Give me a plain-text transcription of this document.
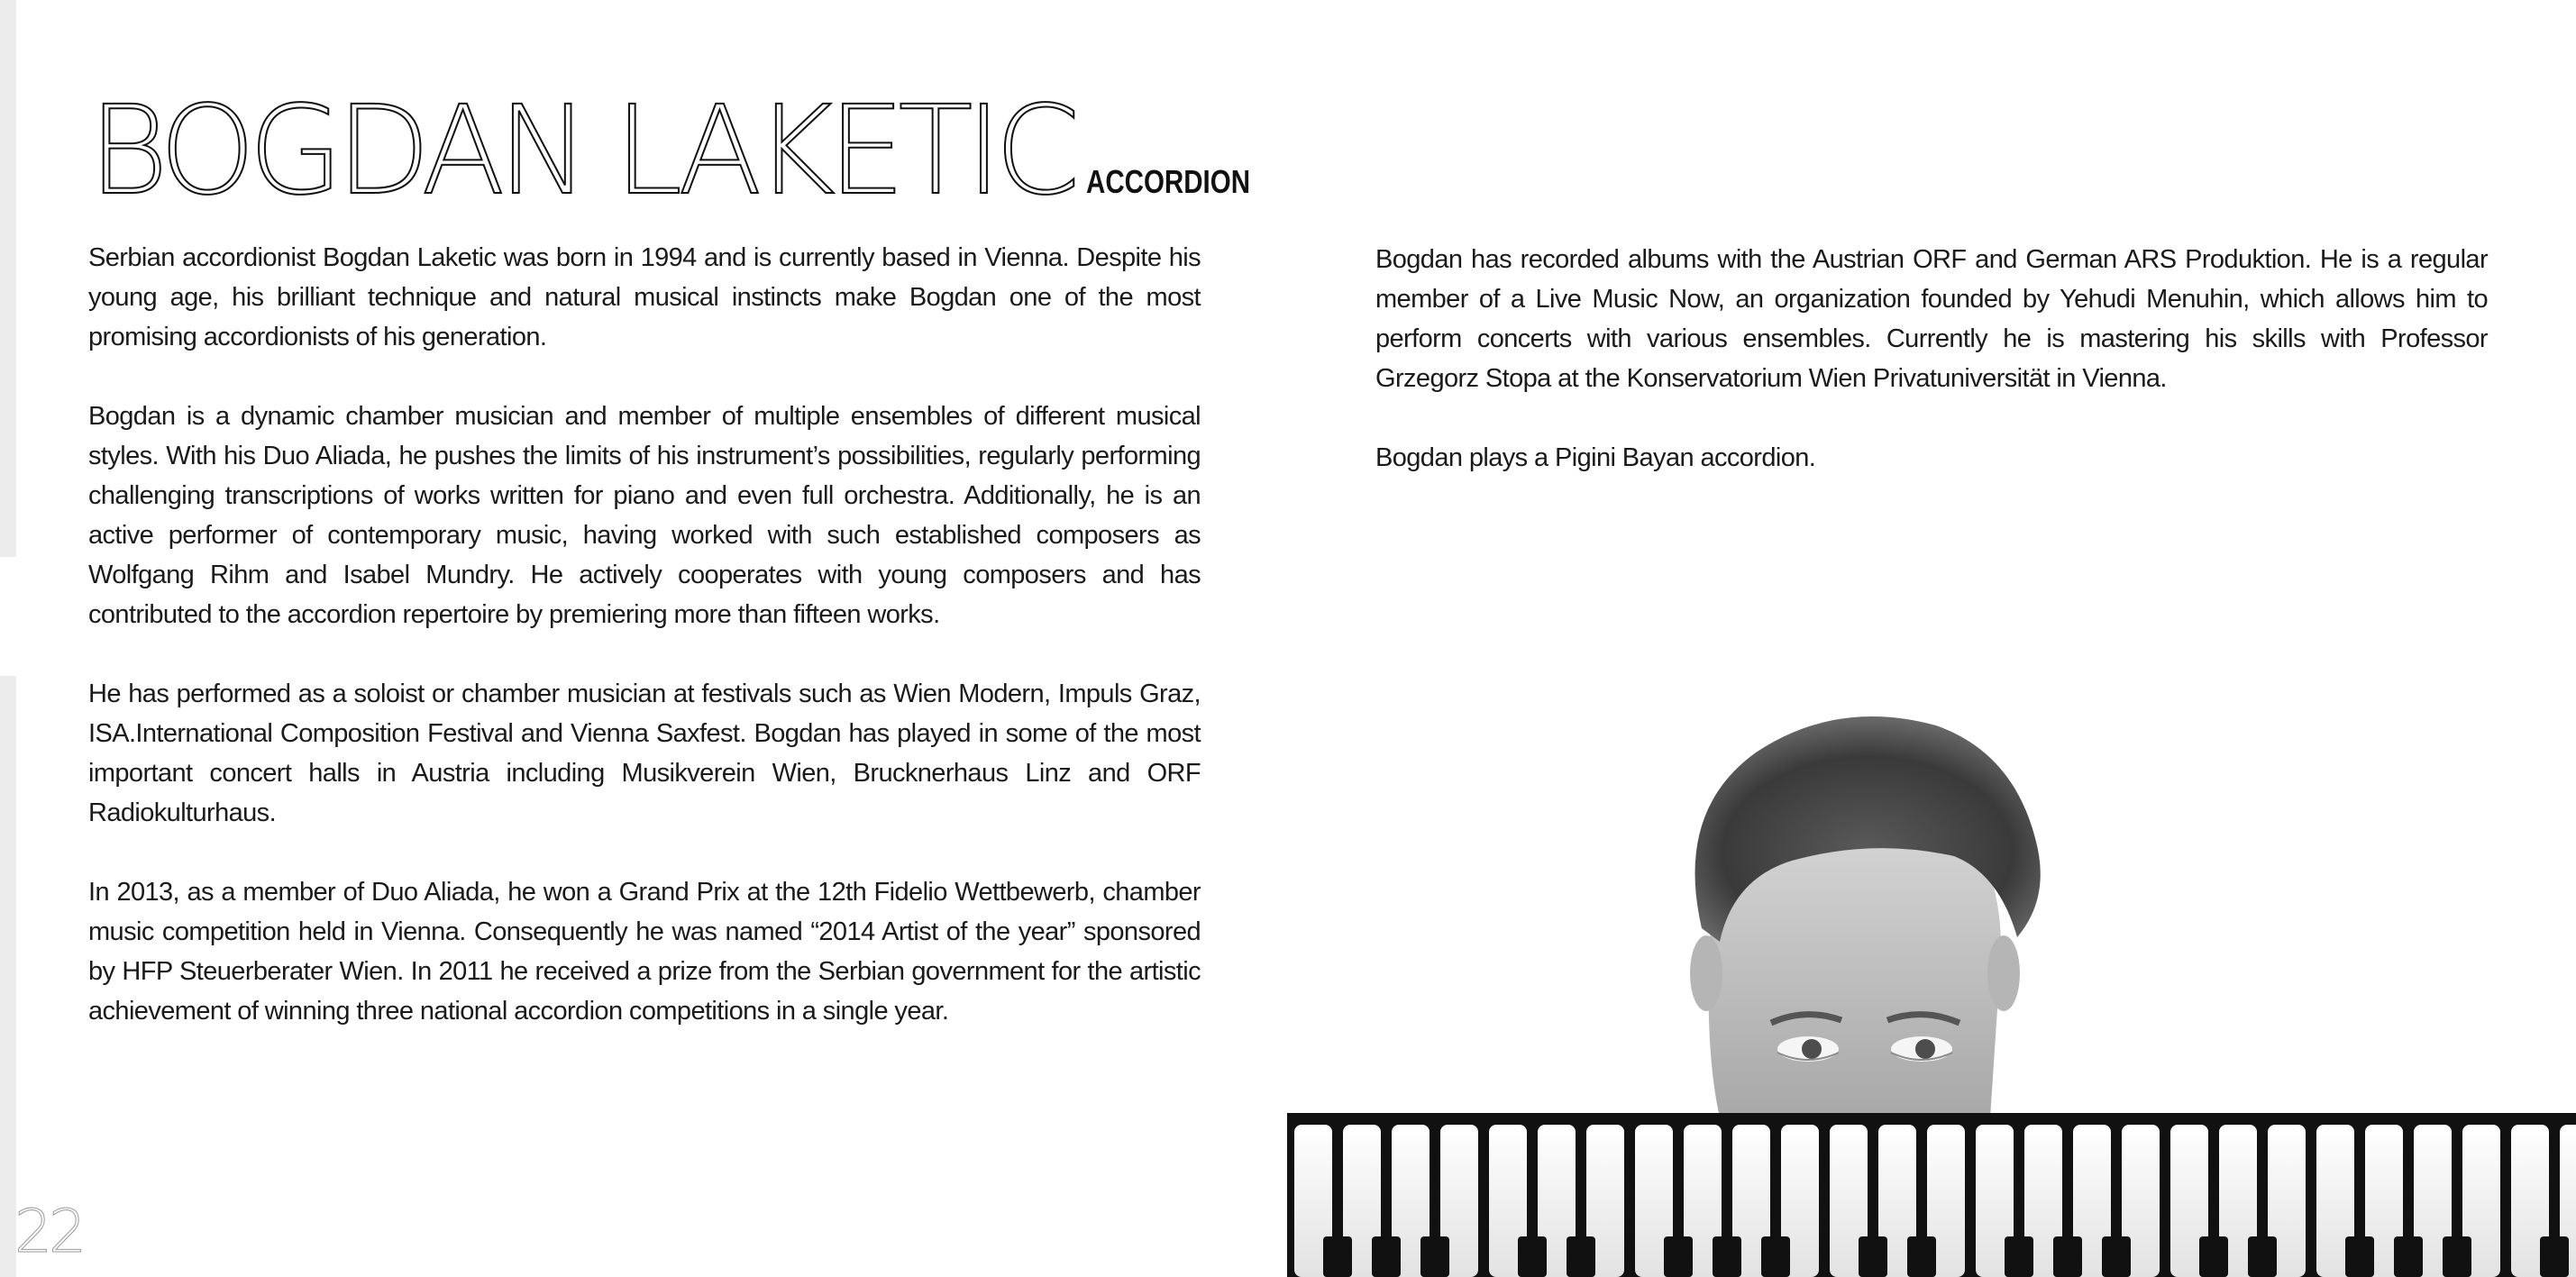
BOGDAN LAKETIC ACCORDION

Serbian accordionist Bogdan Laketic was born in 1994 and is currently based in Vienna. Despite his young age, his brilliant technique and natural musical instincts make Bogdan one of the most promising accordionists of his generation.

Bogdan is a dynamic chamber musician and member of multiple ensembles of different musical styles. With his Duo Aliada, he pushes the limits of his instrument’s possibilities, regularly performing challenging transcriptions of works written for piano and even full orchestra. Additionally, he is an active performer of contemporary music, having worked with such established composers as Wolfgang Rihm and Isabel Mundry. He actively cooperates with young composers and has contributed to the accordion repertoire by premiering more than fifteen works.

He has performed as a soloist or chamber musician at festivals such as Wien Modern, Impuls Graz, ISA.International Composition Festival and Vienna Saxfest. Bogdan has played in some of the most important concert halls in Austria including Musikverein Wien, Brucknerhaus Linz and ORF Radiokulturhaus.

In 2013, as a member of Duo Aliada, he won a Grand Prix at the 12th Fidelio Wettbewerb, chamber music competition held in Vienna. Consequently he was named “2014 Artist of the year” sponsored by HFP Steuerberater Wien. In 2011 he received a prize from the Serbian government for the artistic achievement of winning three national accordion competitions in a single year.

Bogdan has recorded albums with the Austrian ORF and German ARS Produktion. He is a regular member of a Live Music Now, an organization founded by Yehudi Menuhin, which allows him to perform concerts with various ensembles. Currently he is mastering his skills with Professor Grzegorz Stopa at the Konservatorium Wien Privatuniversität in Vienna.

Bogdan plays a Pigini Bayan accordion.

22
